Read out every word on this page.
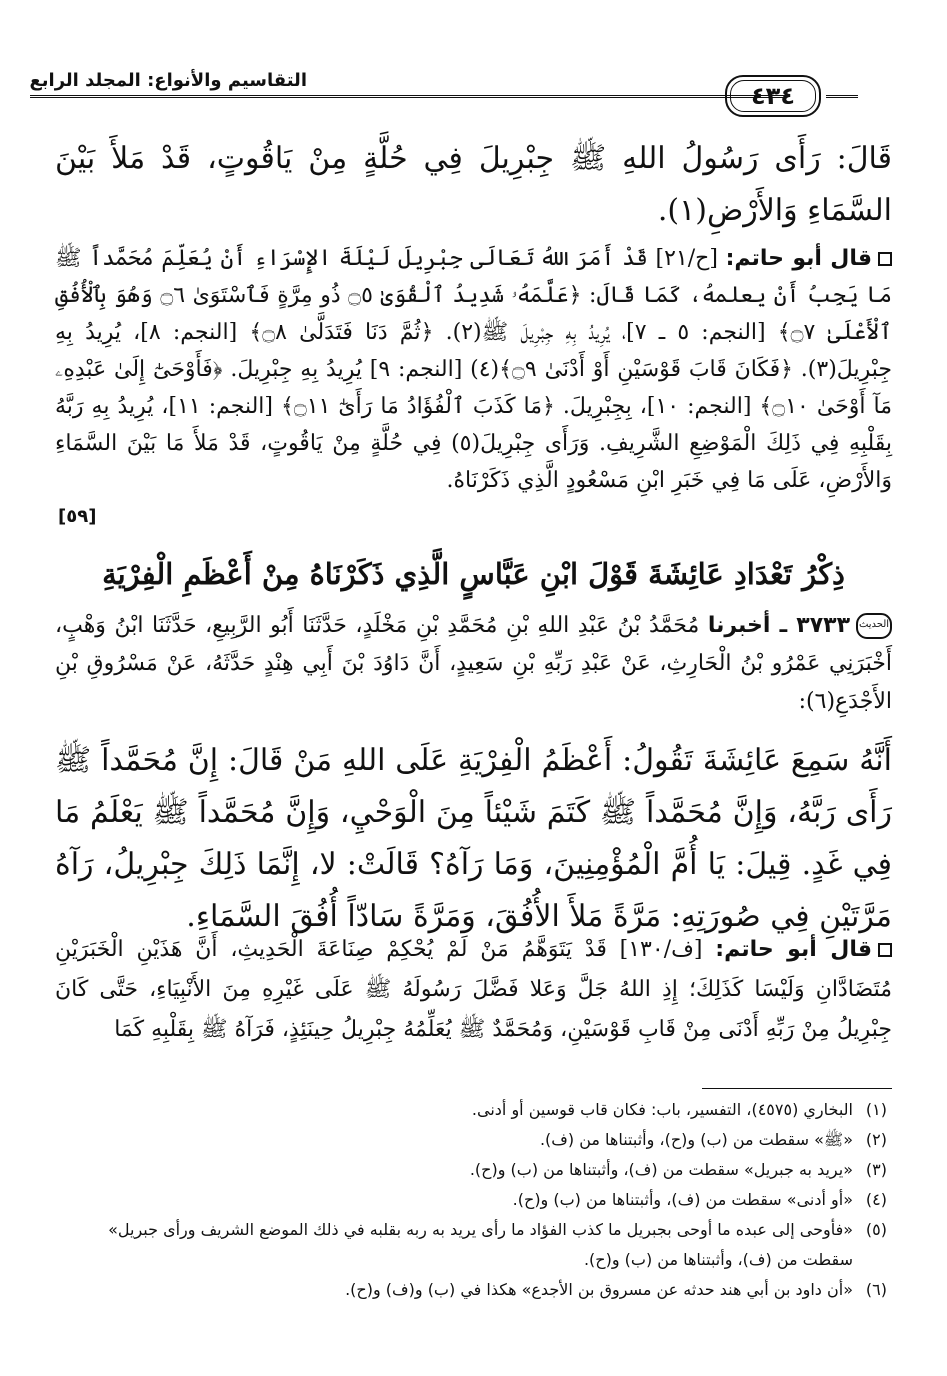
التقاسيم والأنواع: المجلد الرابع
٤٣٤
قَالَ: رَأَى رَسُولُ اللهِ ﷺ جِبْرِيلَ فِي حُلَّةٍ مِنْ يَاقُوتٍ، قَدْ مَلأَ بَيْنَ السَّمَاءِ وَالأَرْضِ(١).
قال أبو حاتم: [ح/٢١] قَدْ أَمَرَ اللهُ تَعَالَى جِبْرِيلَ لَيْلَةَ الإِسْرَاءِ أَنْ يُعَلِّمَ مُحَمَّداً ﷺ مَا يَجِبُ أَنْ يعلمهُ، كَمَا قَالَ: ﴿عَلَّمَهُۥ شَدِيدُ ٱلْقُوَىٰ ۝٥ ذُو مِرَّةٍ فَٱسْتَوَىٰ ۝٦ وَهُوَ بِٱلْأُفُقِ ٱلْأَعْلَىٰ ۝٧﴾ [النجم: ٥ ـ ٧]، يُرِيدُ بِهِ جِبْرِيلَ ﷺ(٢). ﴿ثُمَّ دَنَا فَتَدَلَّىٰ ۝٨﴾ [النجم: ٨]، يُرِيدُ بِهِ جِبْرِيلَ(٣). ﴿فَكَانَ قَابَ قَوْسَيْنِ أَوْ أَدْنَىٰ ۝٩﴾(٤) [النجم: ٩] يُرِيدُ بِهِ جِبْرِيلَ. ﴿فَأَوْحَىٰٓ إِلَىٰ عَبْدِهِۦ مَآ أَوْحَىٰ ۝١٠﴾ [النجم: ١٠]، بِجِبْرِيلَ. ﴿مَا كَذَبَ ٱلْفُؤَادُ مَا رَأَىٰٓ ۝١١﴾ [النجم: ١١]، يُرِيدُ بِهِ رَبَّهُ بِقَلْبِهِ فِي ذَلِكَ الْمَوْضِعِ الشَّرِيفِ. وَرَأَى جِبْرِيلَ(٥) فِي حُلَّةٍ مِنْ يَاقُوتٍ، قَدْ مَلأَ مَا بَيْنَ السَّمَاءِ وَالأَرْضِ، عَلَى مَا فِي خَبَرِ ابْنِ مَسْعُودٍ الَّذِي ذَكَرْنَاهُ.
[٥٩]
ذِكْرُ تَعْدَادِ عَائِشَةَ قَوْلَ ابْنِ عَبَّاسٍ الَّذِي ذَكَرْنَاهُ مِنْ أَعْظَمِ الْفِرْيَةِ
الحديث٣٧٣٣ ـ أخبرنا مُحَمَّدُ بْنُ عَبْدِ اللهِ بْنِ مُحَمَّدِ بْنِ مَخْلَدٍ، حَدَّثَنَا أَبُو الرَّبِيعِ، حَدَّثَنَا ابْنُ وَهْبٍ، أَخْبَرَنِي عَمْرُو بْنُ الْحَارِثِ، عَنْ عَبْدِ رَبِّهِ بْنِ سَعِيدٍ، أَنَّ دَاوُدَ بْنَ أَبِي هِنْدٍ حَدَّثَهُ، عَنْ مَسْرُوقِ بْنِ الأَجْدَعِ(٦):
أَنَّهُ سَمِعَ عَائِشَةَ تَقُولُ: أَعْظَمُ الْفِرْيَةِ عَلَى اللهِ مَنْ قَالَ: إِنَّ مُحَمَّداً ﷺ رَأَى رَبَّهُ، وَإِنَّ مُحَمَّداً ﷺ كَتَمَ شَيْئاً مِنَ الْوَحْيِ، وَإِنَّ مُحَمَّداً ﷺ يَعْلَمُ مَا فِي غَدٍ. قِيلَ: يَا أُمَّ الْمُؤْمِنِينَ، وَمَا رَآهُ؟ قَالَتْ: لا، إِنَّمَا ذَلِكَ جِبْرِيلُ، رَآهُ مَرَّتَيْنِ فِي صُورَتِهِ: مَرَّةً مَلأَ الأُفُقَ، وَمَرَّةً سَادّاً أُفُقَ السَّمَاءِ.
قال أبو حاتم: [ف/١٣٠] قَدْ يَتَوَهَّمُ مَنْ لَمْ يُحْكِمْ صِنَاعَةَ الْحَدِيثِ، أَنَّ هَذَيْنِ الْخَبَرَيْنِ مُتَضَادَّانِ وَلَيْسَا كَذَلِكَ؛ إِذِ اللهُ جَلَّ وَعَلا فَضَّلَ رَسُولَهُ ﷺ عَلَى غَيْرِهِ مِنَ الأَنْبِيَاءِ، حَتَّى كَانَ جِبْرِيلُ مِنْ رَبِّهِ أَدْنَى مِنْ قَابِ قَوْسَيْنِ، وَمُحَمَّدٌ ﷺ يُعَلِّمُهُ جِبْرِيلُ حِينَئِذٍ، فَرَآهُ ﷺ بِقَلْبِهِ كَمَا
(١)
البخاري (٤٥٧٥)، التفسير، باب: فكان قاب قوسين أو أدنى.
(٢)
«ﷺ» سقطت من (ب) و(ح)، وأثبتناها من (ف).
(٣)
«يريد به جبريل» سقطت من (ف)، وأثبتناها من (ب) و(ح).
(٤)
«أو أدنى» سقطت من (ف)، وأثبتناها من (ب) و(ح).
(٥)
«فأوحى إلى عبده ما أوحى بجبريل ما كذب الفؤاد ما رأى يريد به ربه بقلبه في ذلك الموضع الشريف ورأى جبريل» سقطت من (ف)، وأثبتناها من (ب) و(ح).
(٦)
«أن داود بن أبي هند حدثه عن مسروق بن الأجدع» هكذا في (ب) و(ف) و(ح).
